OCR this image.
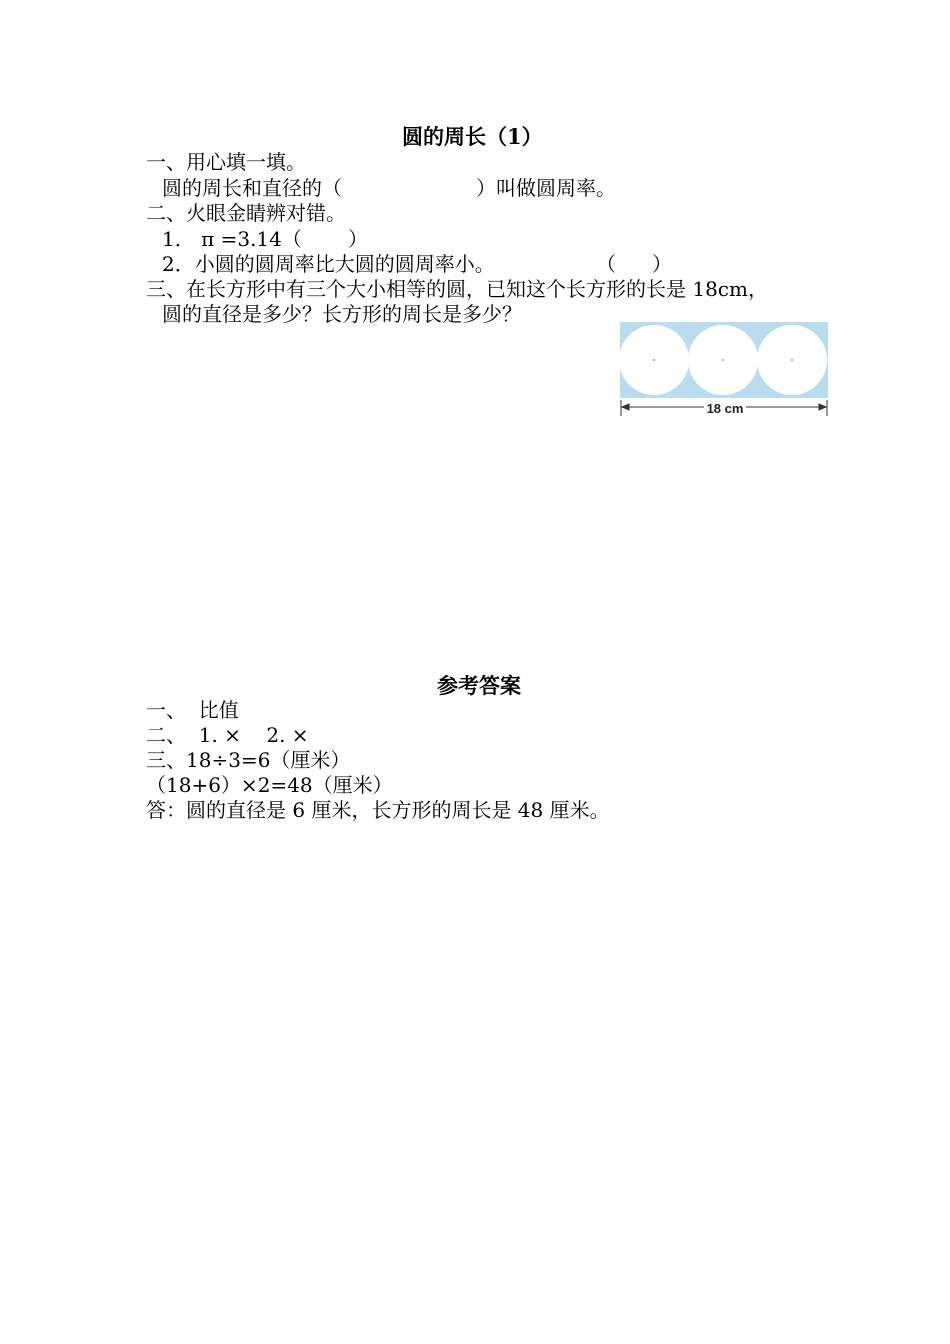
圆的周长（1）
一、用心填一填。
圆的周长和直径的（	）叫做圆周率。
二、火眼金睛辨对错。
1． π =3.14（ ）
2．小圆的圆周率比大圆的圆周率小。	（ ）
三、在长方形中有三个大小相等的圆，已知这个长方形的长是 18cm，
圆的直径是多少？长方形的周长是多少？
18 cm
参考答案
一、  比值
二、  1. ×    2. ×
三、18÷3=6（厘米）
（18+6）×2=48（厘米）
答：圆的直径是 6 厘米，长方形的周长是 48 厘米。
